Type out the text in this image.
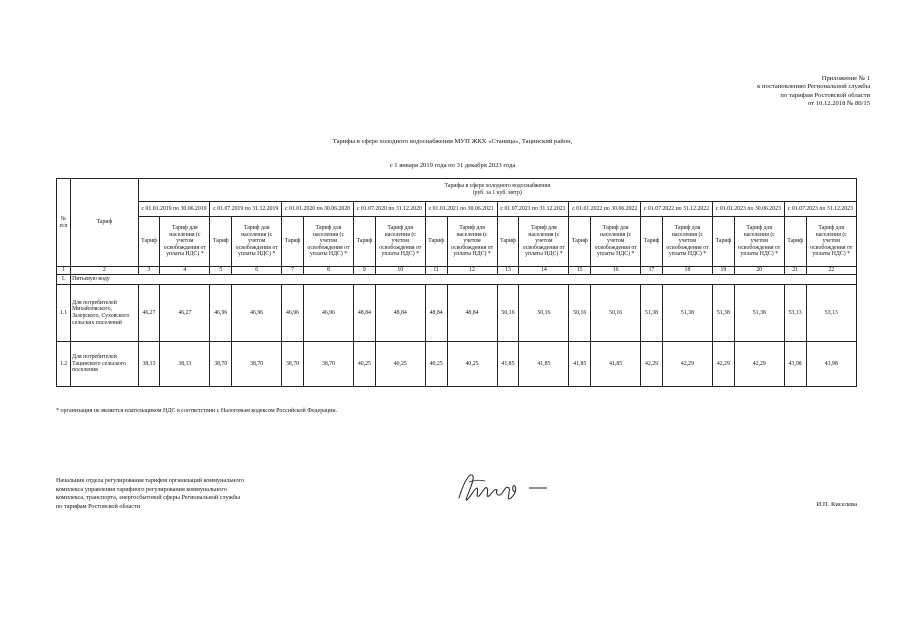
Приложение № 1
к постановлению Региональной службы
по тарифам Ростовской области
от 10.12.2018 № 80/15
Тарифы в сфере холодного водоснабжения МУП ЖКХ «Станица», Тацинский район,
с 1 января 2019 года по 31 декабря 2023 года
№ п/п	Тариф	Тарифы в сфере холодного водоснабжения
(руб. за 1 куб. метр)																			

		с 01.01.2019 по 30.06.2019		с 01.07.2019 по 31.12.2019		с 01.01.2020 по 30.06.2020		с 01.07.2020 по 31.12.2020		с 01.01.2021 по 30.06.2021		с 01.07.2021 по 31.12.2021		с 01.01.2022 по 30.06.2022		с 01.07.2022 по 31.12.2022		с 01.01.2023 по 30.06.2023		с 01.07.2023 по 31.12.2023	
		Тариф	Тариф для населения (с учетом освобождения от уплаты НДС) *	Тариф	Тариф для населения (с учетом освобождения от уплаты НДС) *	Тариф	Тариф для населения (с учетом освобождения от уплаты НДС) *	Тариф	Тариф для населения (с учетом освобождения от уплаты НДС) *	Тариф	Тариф для населения (с учетом освобождения от уплаты НДС) *	Тариф	Тариф для населения (с учетом освобождения от уплаты НДС) *	Тариф	Тариф для населения (с учетом освобождения от уплаты НДС) *	Тариф	Тариф для населения (с учетом освобождения от уплаты НДС) *	Тариф	Тариф для населения (с учетом освобождения от уплаты НДС) *	Тариф	Тариф для населения (с учетом освобождения от уплаты НДС) *
1	2	3	4	5	6	7	8	9	10	11	12	13	14	15	16	17	18	19	20	21	22
1.	Питьевую воду																				
1.1	Для потребителей Михайловского, Зазерского, Суховского сельских поселений	46,27	46,27	46,96	46,96	46,96	46,96	48,84	48,84	48,84	48,84	50,16	50,16	50,16	50,16	51,38	51,38	51,38	51,38	53,13	53,13
1.2	Для потребителей Тацинского сельского поселения	38,13	38,13	38,70	38,70	38,70	38,70	40,25	40,25	40,25	40,25	41,85	41,85	41,85	41,85	42,29	42,29	42,29	42,29	43,98	43,98
* организация не является плательщиком НДС в соответствии с Налоговым кодексом Российской Федерации.
Начальник отдела регулирования тарифов организаций коммунального
комплекса управления тарифного регулирования коммунального
комплекса, транспорта, энергосбытовой сферы Региональной службы
по тарифам Ростовской области	И.П. Киселева
